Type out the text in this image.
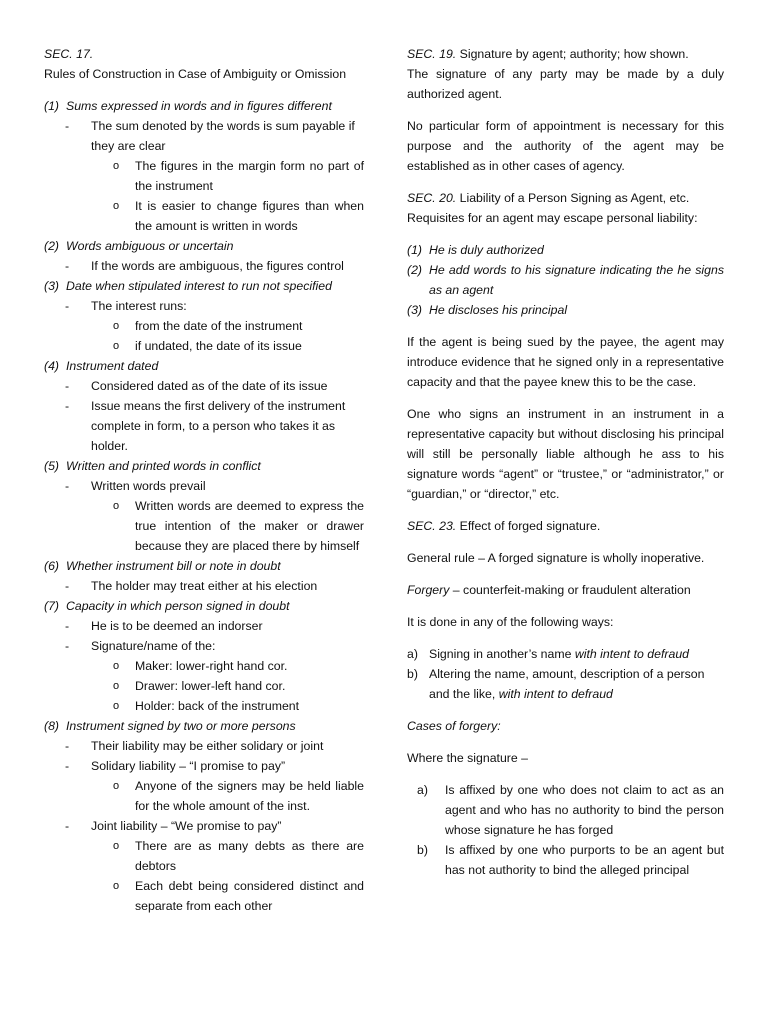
SEC. 17.

Rules of Construction in Case of Ambiguity or Omission

(1) Sums expressed in words and in figures different
-	The sum denoted by the words is sum payable if they are clear
o	The figures in the margin form no part of the instrument
o	It is easier to change figures than when the amount is written in words
(2) Words ambiguous or uncertain
-	If the words are ambiguous, the figures control
(3) Date when stipulated interest to run not specified
-	The interest runs:
o	from the date of the instrument
o	if undated, the date of its issue
(4) Instrument dated
-	Considered dated as of the date of its issue
-	Issue means the first delivery of the instrument complete in form, to a person who takes it as holder.
(5) Written and printed words in conflict
-	Written words prevail
o	Written words are deemed to express the true intention of the maker or drawer because they are placed there by himself
(6) Whether instrument bill or note in doubt
-	The holder may treat either at his election
(7) Capacity in which person signed in doubt
-	He is to be deemed an indorser
-	Signature/name of the:
o	Maker: lower-right hand cor.
o	Drawer: lower-left hand cor.
o	Holder: back of the instrument
(8) Instrument signed by two or more persons
-	Their liability may be either solidary or joint
-	Solidary liability – “I promise to pay”
o	Anyone of the signers may be held liable for the whole amount of the inst.
-	Joint liability – “We promise to pay”
o	There are as many debts as there are debtors
o	Each debt being considered distinct and separate from each other

SEC. 19. Signature by agent; authority; how shown.

The signature of any party may be made by a duly authorized agent.

No particular form of appointment is necessary for this purpose and the authority of the agent may be established as in other cases of agency.

SEC. 20. Liability of a Person Signing as Agent, etc.

Requisites for an agent may escape personal liability:

(1) He is duly authorized
(2) He add words to his signature indicating the he signs as an agent
(3) He discloses his principal

If the agent is being sued by the payee, the agent may introduce evidence that he signed only in a representative capacity and that the payee knew this to be the case.

One who signs an instrument in an instrument in a representative capacity but without disclosing his principal will still be personally liable although he ass to his signature words “agent” or “trustee,” or “administrator,” or “guardian,” or “director,” etc.

SEC. 23. Effect of forged signature.

General rule – A forged signature is wholly inoperative.

Forgery – counterfeit-making or fraudulent alteration

It is done in any of the following ways:

a) Signing in another’s name with intent to defraud
b) Altering the name, amount, description of a person and the like, with intent to defraud

Cases of forgery:

Where the signature –

a)	Is affixed by one who does not claim to act as an agent and who has no authority to bind the person whose signature he has forged
b)	Is affixed by one who purports to be an agent but has not authority to bind the alleged principal
